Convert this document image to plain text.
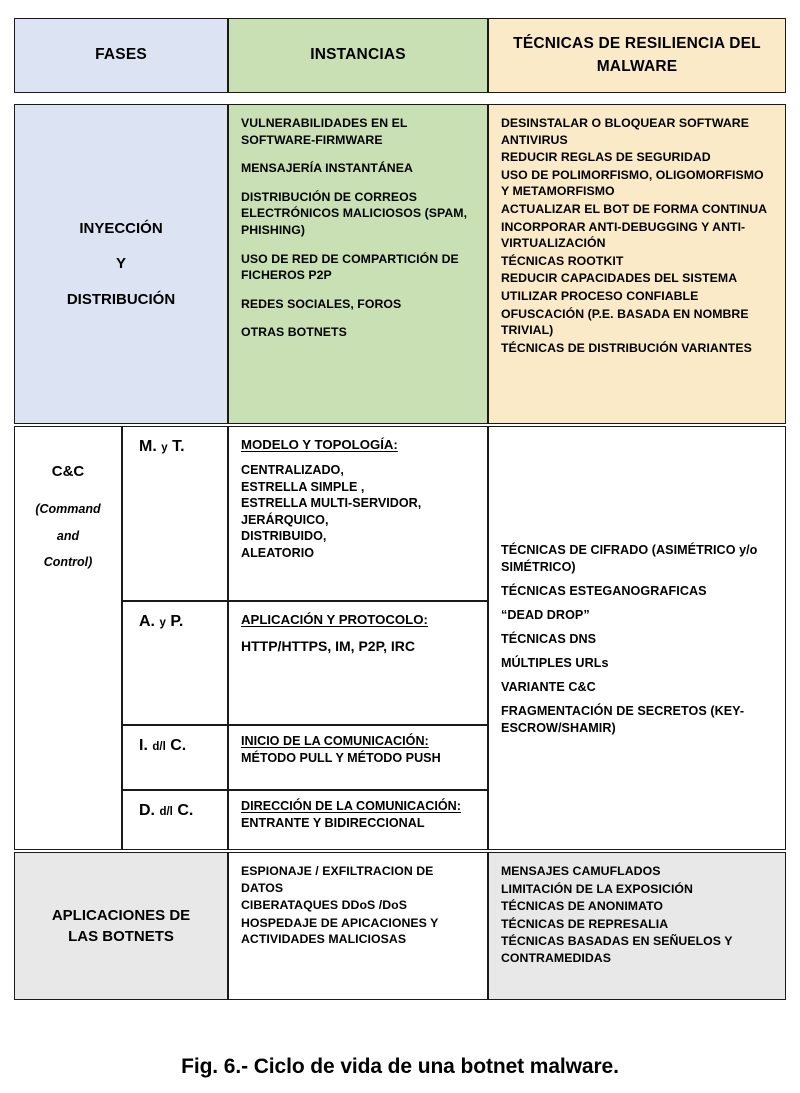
FASES	INSTANCIAS
TÉCNICAS DE RESILIENCIA DEL
MALWARE
INYECCIÓN
Y
DISTRIBUCIÓN
VULNERABILIDADES EN EL SOFTWARE-FIRMWARE
MENSAJERÍA INSTANTÁNEA
DISTRIBUCIÓN DE CORREOS ELECTRÓNICOS MALICIOSOS (SPAM, PHISHING)
USO DE RED DE COMPARTICIÓN DE FICHEROS P2P
REDES SOCIALES, FOROS
OTRAS BOTNETS
DESINSTALAR O BLOQUEAR SOFTWARE ANTIVIRUS
REDUCIR REGLAS DE SEGURIDAD
USO DE POLIMORFISMO, OLIGOMORFISMO Y METAMORFISMO
ACTUALIZAR EL BOT DE FORMA CONTINUA
INCORPORAR ANTI-DEBUGGING Y ANTI-VIRTUALIZACIÓN
TÉCNICAS ROOTKIT
REDUCIR CAPACIDADES DEL SISTEMA
UTILIZAR PROCESO CONFIABLE
OFUSCACIÓN (P.E. BASADA EN NOMBRE TRIVIAL)
TÉCNICAS DE DISTRIBUCIÓN VARIANTES
C&C
(Command
and
Control)
M. y T.
A. y P.
I. d/l C.
D. d/l C.
MODELO Y TOPOLOGÍA:
CENTRALIZADO,
ESTRELLA SIMPLE ,
ESTRELLA MULTI-SERVIDOR,
JERÁRQUICO,
DISTRIBUIDO,
ALEATORIO
APLICACIÓN Y PROTOCOLO:
HTTP/HTTPS, IM, P2P, IRC
INICIO DE LA COMUNICACIÓN:
MÉTODO PULL Y MÉTODO PUSH
DIRECCIÓN DE LA COMUNICACIÓN:
ENTRANTE Y BIDIRECCIONAL
TÉCNICAS DE CIFRADO (ASIMÉTRICO y/o SIMÉTRICO)
TÉCNICAS ESTEGANOGRAFICAS
“DEAD DROP”
TÉCNICAS DNS
MÚLTIPLES URLs
VARIANTE C&C
FRAGMENTACIÓN DE SECRETOS (KEY-ESCROW/SHAMIR)
APLICACIONES DE
LAS BOTNETS
ESPIONAJE / EXFILTRACION DE DATOS
CIBERATAQUES DDoS /DoS
HOSPEDAJE DE APICACIONES Y ACTIVIDADES MALICIOSAS
MENSAJES CAMUFLADOS
LIMITACIÓN DE LA EXPOSICIÓN
TÉCNICAS DE ANONIMATO
TÉCNICAS DE REPRESALIA
TÉCNICAS BASADAS EN SEÑUELOS Y CONTRAMEDIDAS
Fig. 6.- Ciclo de vida de una botnet malware.
